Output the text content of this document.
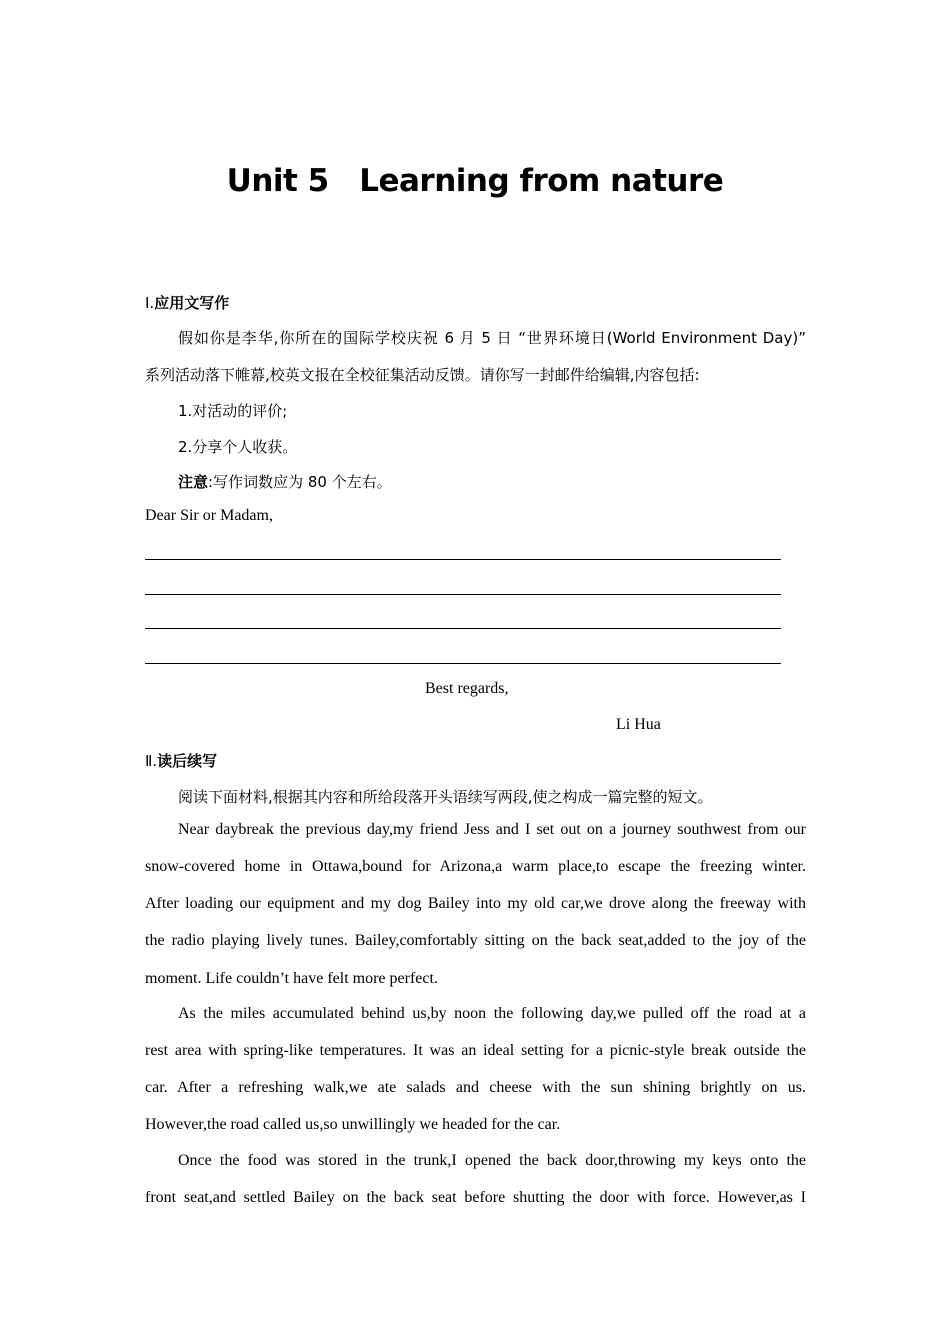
Unit 5　Learning from nature
Ⅰ.应用文写作
假如你是李华,你所在的国际学校庆祝 6 月 5 日 “世界环境日(World Environment Day)”
系列活动落下帷幕,校英文报在全校征集活动反馈。请你写一封邮件给编辑,内容包括:
1.对活动的评价;
2.分享个人收获。
注意:写作词数应为 80 个左右。
Dear Sir or Madam,
Best regards,
Li Hua
Ⅱ.读后续写
阅读下面材料,根据其内容和所给段落开头语续写两段,使之构成一篇完整的短文。
Near daybreak the previous day,my friend Jess and I set out on a journey southwest from our
snow-covered home in Ottawa,bound for Arizona,a warm place,to escape the freezing winter.
After loading our equipment and my dog Bailey into my old car,we drove along the freeway with
the radio playing lively tunes. Bailey,comfortably sitting on the back seat,added to the joy of the
moment. Life couldn’t have felt more perfect.
As the miles accumulated behind us,by noon the following day,we pulled off the road at a
rest area with spring-like temperatures. It was an ideal setting for a picnic-style break outside the
car. After a refreshing walk,we ate salads and cheese with the sun shining brightly on us.
However,the road called us,so unwillingly we headed for the car.
Once the food was stored in the trunk,I opened the back door,throwing my keys onto the
front seat,and settled Bailey on the back seat before shutting the door with force. However,as I
